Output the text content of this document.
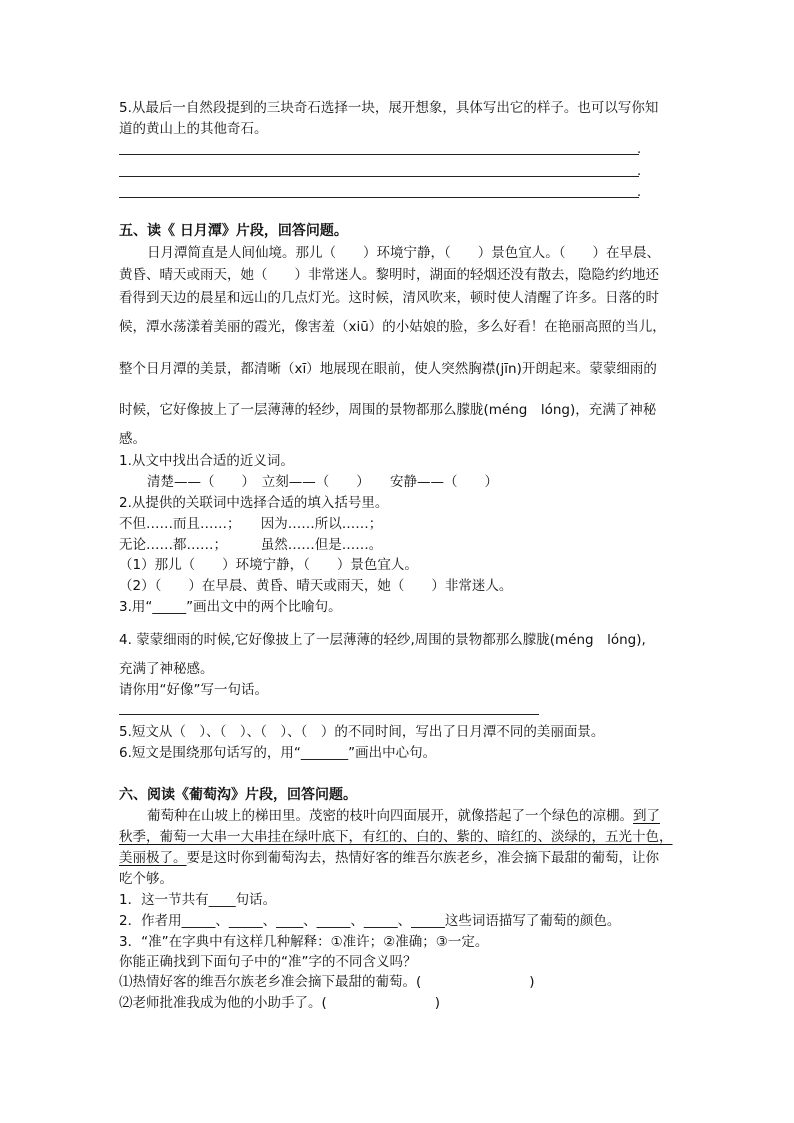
5.从最后一自然段提到的三块奇石选择一块，展开想象，具体写出它的样子。也可以写你知
道的黄山上的其他奇石。
.
.
.
五、读《 日月潭》片段，回答问题。
日月潭简直是人间仙境。那儿（　　）环境宁静，（　　）景色宜人。（　　）在早晨、
黄昏、晴天或雨天，她（　　）非常迷人。黎明时，湖面的轻烟还没有散去，隐隐约约地还
看得到天边的晨星和远山的几点灯光。这时候，清风吹来，顿时使人清醒了许多。日落的时
候，潭水荡漾着美丽的霞光，像害羞（xiū）的小姑娘的脸，多么好看！在艳丽高照的当儿，
整个日月潭的美景，都清晰（xī）地展现在眼前，使人突然胸襟(jīn)开朗起来。蒙蒙细雨的
时候，它好像披上了一层薄薄的轻纱，周围的景物都那么朦胧(méng　lóng)，充满了神秘
感。
1.从文中找出合适的近义词。
清楚——（　　）　立刻——（　　）　　安静——（　　）
2.从提供的关联词中选择合适的填入括号里。
不但……而且……；　　因为……所以……；
无论……都……；　　　虽然……但是……。
（1）那儿（　　）环境宁静，（　　）景色宜人。
（2）（　　）在早晨、黄昏、晴天或雨天，她（　　）非常迷人。
3.用“_____”画出文中的两个比喻句。
4. 蒙蒙细雨的时候,它好像披上了一层薄薄的轻纱,周围的景物都那么朦胧(méng　lóng),
充满了神秘感。
请你用“好像”写一句话。
5.短文从（　）、（　）、（　）、（　）的不同时间，写出了日月潭不同的美丽面景。
6.短文是围绕那句话写的，用“_______”画出中心句。
六、阅读《葡萄沟》片段，回答问题。
葡萄种在山坡上的梯田里。茂密的枝叶向四面展开，就像搭起了一个绿色的凉棚。到了
秋季，葡萄一大串一大串挂在绿叶底下，有红的、白的、紫的、暗红的、淡绿的，五光十色，
美丽极了。要是这时你到葡萄沟去，热情好客的维吾尔族老乡，准会摘下最甜的葡萄，让你
吃个够。
1．这一节共有____句话。
2．作者用_____、_____、____、_____、_____、_____这些词语描写了葡萄的颜色。
3．“准”在字典中有这样几种解释：①准许；②准确；③一定。
你能正确找到下面句子中的“准”字的不同含义吗？
⑴热情好客的维吾尔族老乡准会摘下最甜的葡萄。(　　　　　　　　)
⑵老师批准我成为他的小助手了。(　　　　　　　　)
